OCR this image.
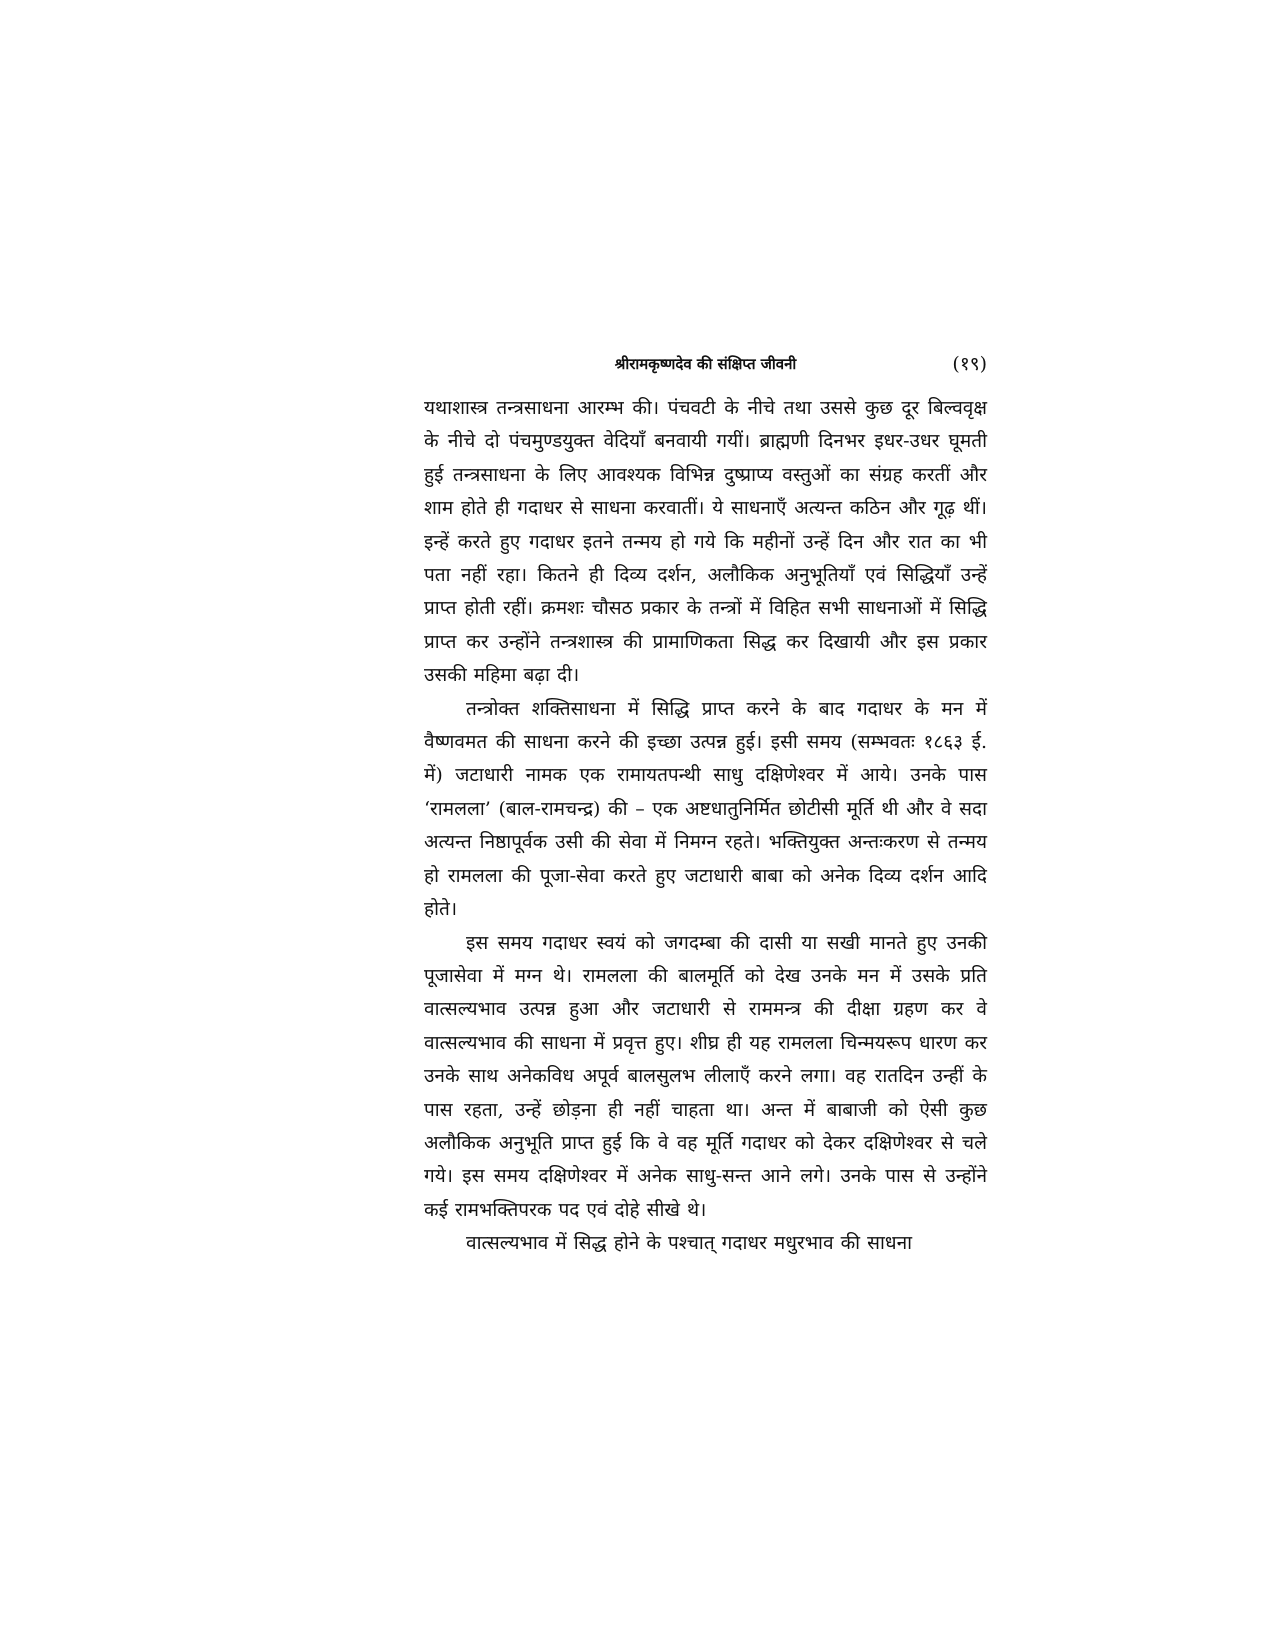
श्रीरामकृष्णदेव की संक्षिप्त जीवनी	(१९)

यथाशास्त्र तन्त्रसाधना आरम्भ की। पंचवटी के नीचे तथा उससे कुछ दूर बिल्ववृक्ष के नीचे दो पंचमुण्डयुक्त वेदियाँ बनवायी गयीं। ब्राह्मणी दिनभर इधर-उधर घूमती हुई तन्त्रसाधना के लिए आवश्यक विभिन्न दुष्प्राप्य वस्तुओं का संग्रह करतीं और शाम होते ही गदाधर से साधना करवातीं। ये साधनाएँ अत्यन्त कठिन और गूढ़ थीं। इन्हें करते हुए गदाधर इतने तन्मय हो गये कि महीनों उन्हें दिन और रात का भी पता नहीं रहा। कितने ही दिव्य दर्शन, अलौकिक अनुभूतियाँ एवं सिद्धियाँ उन्हें प्राप्त होती रहीं। क्रमशः चौसठ प्रकार के तन्त्रों में विहित सभी साधनाओं में सिद्धि प्राप्त कर उन्होंने तन्त्रशास्त्र की प्रामाणिकता सिद्ध कर दिखायी और इस प्रकार उसकी महिमा बढ़ा दी।

तन्त्रोक्त शक्तिसाधना में सिद्धि प्राप्त करने के बाद गदाधर के मन में वैष्णवमत की साधना करने की इच्छा उत्पन्न हुई। इसी समय (सम्भवतः १८६३ ई. में) जटाधारी नामक एक रामायतपन्थी साधु दक्षिणेश्वर में आये। उनके पास ‘रामलला’ (बाल-रामचन्द्र) की – एक अष्टधातुनिर्मित छोटीसी मूर्ति थी और वे सदा अत्यन्त निष्ठापूर्वक उसी की सेवा में निमग्न रहते। भक्तियुक्त अन्तःकरण से तन्मय हो रामलला की पूजा-सेवा करते हुए जटाधारी बाबा को अनेक दिव्य दर्शन आदि होते।

इस समय गदाधर स्वयं को जगदम्बा की दासी या सखी मानते हुए उनकी पूजासेवा में मग्न थे। रामलला की बालमूर्ति को देख उनके मन में उसके प्रति वात्सल्यभाव उत्पन्न हुआ और जटाधारी से राममन्त्र की दीक्षा ग्रहण कर वे वात्सल्यभाव की साधना में प्रवृत्त हुए। शीघ्र ही यह रामलला चिन्मयरूप धारण कर उनके साथ अनेकविध अपूर्व बालसुलभ लीलाएँ करने लगा। वह रातदिन उन्हीं के पास रहता, उन्हें छोड़ना ही नहीं चाहता था। अन्त में बाबाजी को ऐसी कुछ अलौकिक अनुभूति प्राप्त हुई कि वे वह मूर्ति गदाधर को देकर दक्षिणेश्वर से चले गये। इस समय दक्षिणेश्वर में अनेक साधु-सन्त आने लगे। उनके पास से उन्होंने कई रामभक्तिपरक पद एवं दोहे सीखे थे।

वात्सल्यभाव में सिद्ध होने के पश्चात् गदाधर मधुरभाव की साधना
